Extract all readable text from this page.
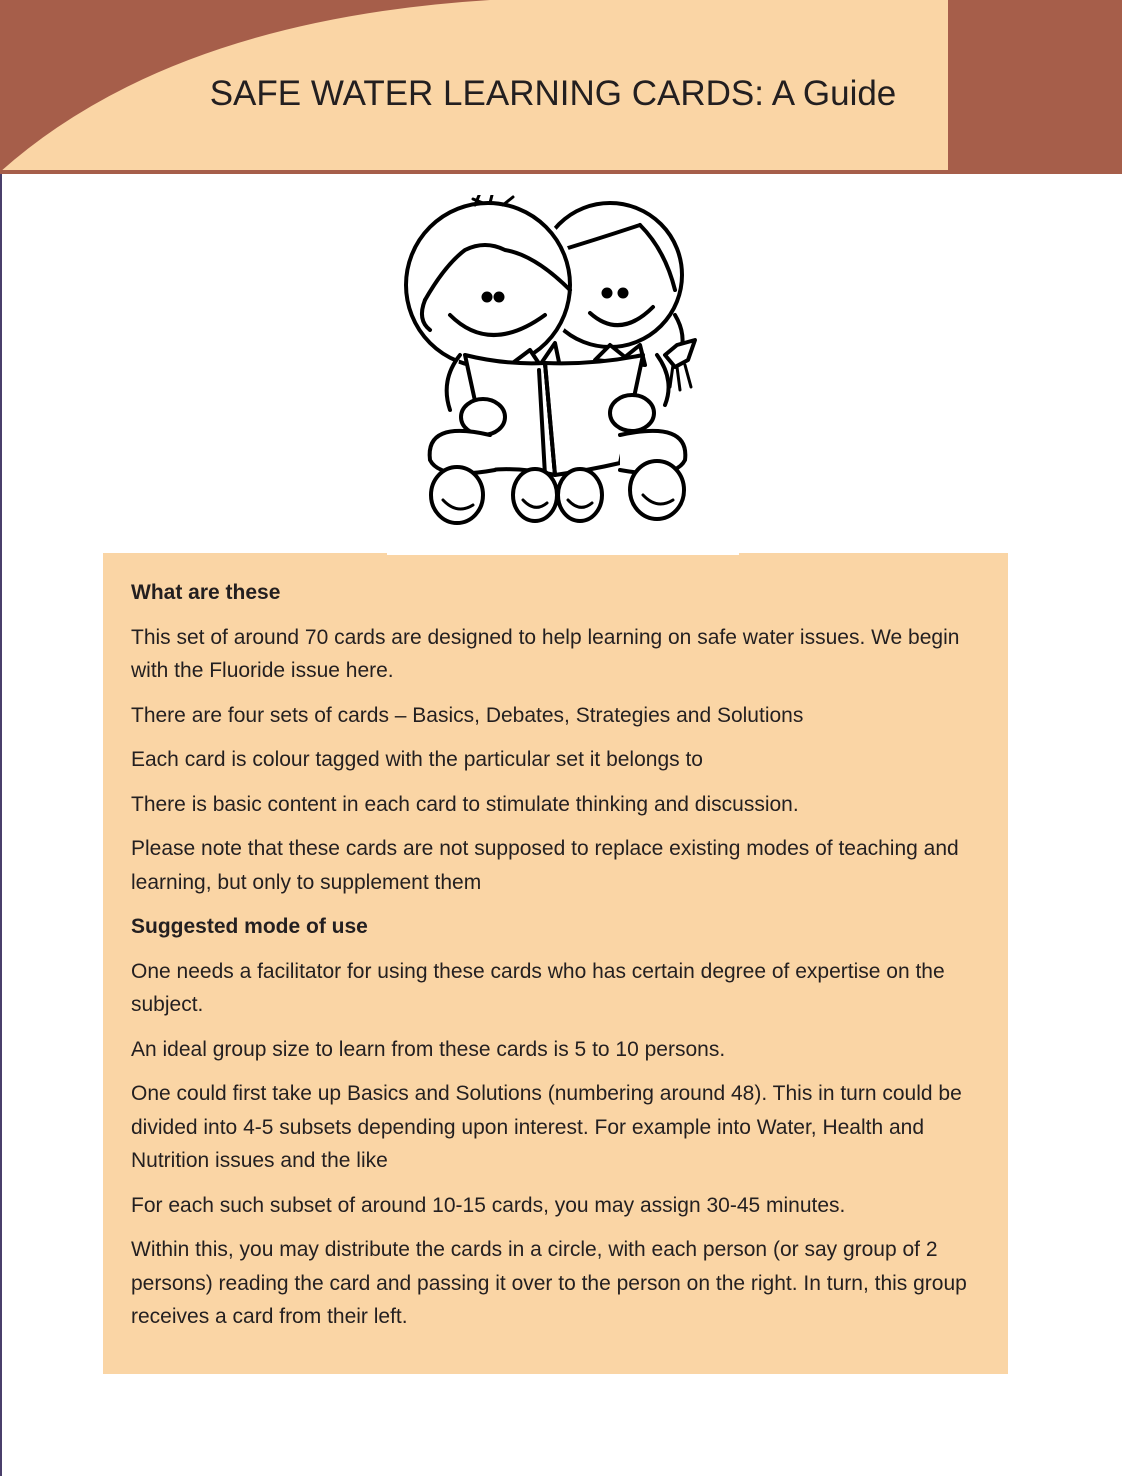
SAFE WATER LEARNING CARDS: A Guide

What are these

This set of around 70 cards are designed to help learning on safe water issues. We begin with the Fluoride issue here.

There are four sets of cards – Basics, Debates, Strategies and Solutions

Each card is colour tagged with the particular set it belongs to

There is basic content in each card to stimulate thinking and discussion.

Please note that these cards are not supposed to replace existing modes of teaching and learning, but only to supplement them

Suggested mode of use

One needs a facilitator for using these cards who has certain degree of expertise on the subject.

An ideal group size to learn from these cards is 5 to 10 persons.

One could first take up Basics and Solutions (numbering around 48). This in turn could be divided into 4-5 subsets depending upon interest. For example into Water, Health and Nutrition issues and the like

For each such subset of around 10-15 cards, you may assign 30-45 minutes.

Within this, you may distribute the cards in a circle, with each person (or say group of 2 persons) reading the card and passing it over to the person on the right. In turn, this group receives a card from their left.
